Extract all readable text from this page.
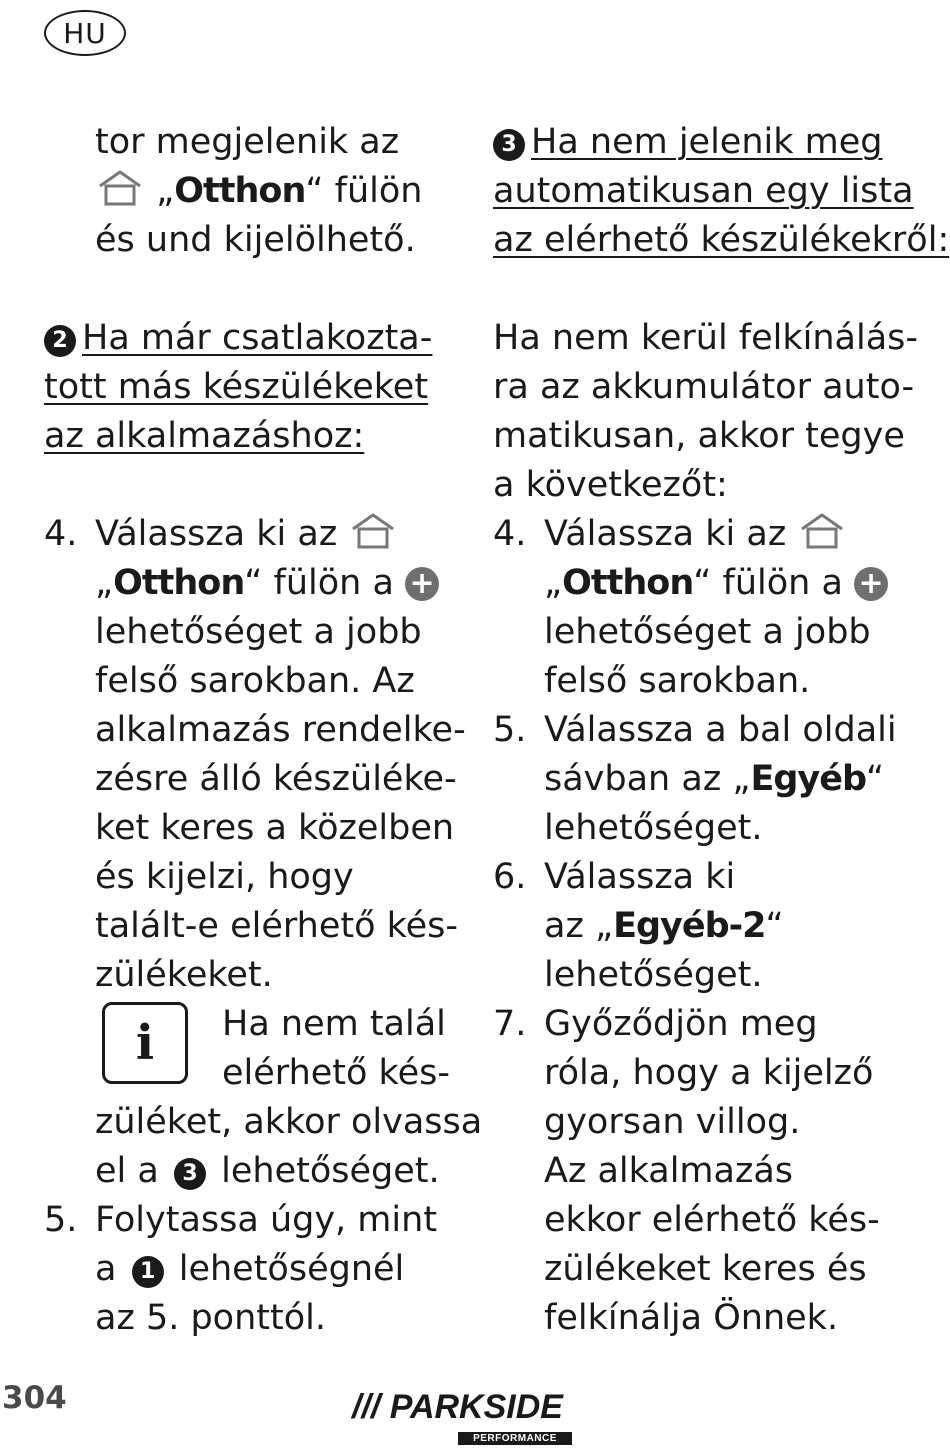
HU
tor megjelenik az
„Otthon“ fülön
és und kijelölhető.
2 Ha már csatlakozta-
tott más készülékeket
az alkalmazáshoz:
4. Válassza ki az
„Otthon“ fülön a +
lehetőséget a jobb
felső sarokban. Az
alkalmazás rendelke-
zésre álló készüléke-
ket keres a közelben
és kijelzi, hogy
talált-e elérhető kés-
zülékeket.
i	Ha nem talál
elérhető kés-
züléket, akkor olvassa
el a 3 lehetőséget.
5. Folytassa úgy, mint
a 1 lehetőségnél
az 5. ponttól.
3 Ha nem jelenik meg
automatikusan egy lista
az elérhető készülékekről:
Ha nem kerül felkínálás-
ra az akkumulátor auto-
matikusan, akkor tegye
a következőt:
4. Válassza ki az
„Otthon“ fülön a +
lehetőséget a jobb
felső sarokban.
5. Válassza a bal oldali
sávban az „Egyéb“
lehetőséget.
6. Válassza ki
az „Egyéb-2“
lehetőséget.
7. Győződjön meg
róla, hogy a kijelző
gyorsan villog.
Az alkalmazás
ekkor elérhető kés-
zülékeket keres és
felkínálja Önnek.
304	/// PARKSIDE
PERFORMANCE
